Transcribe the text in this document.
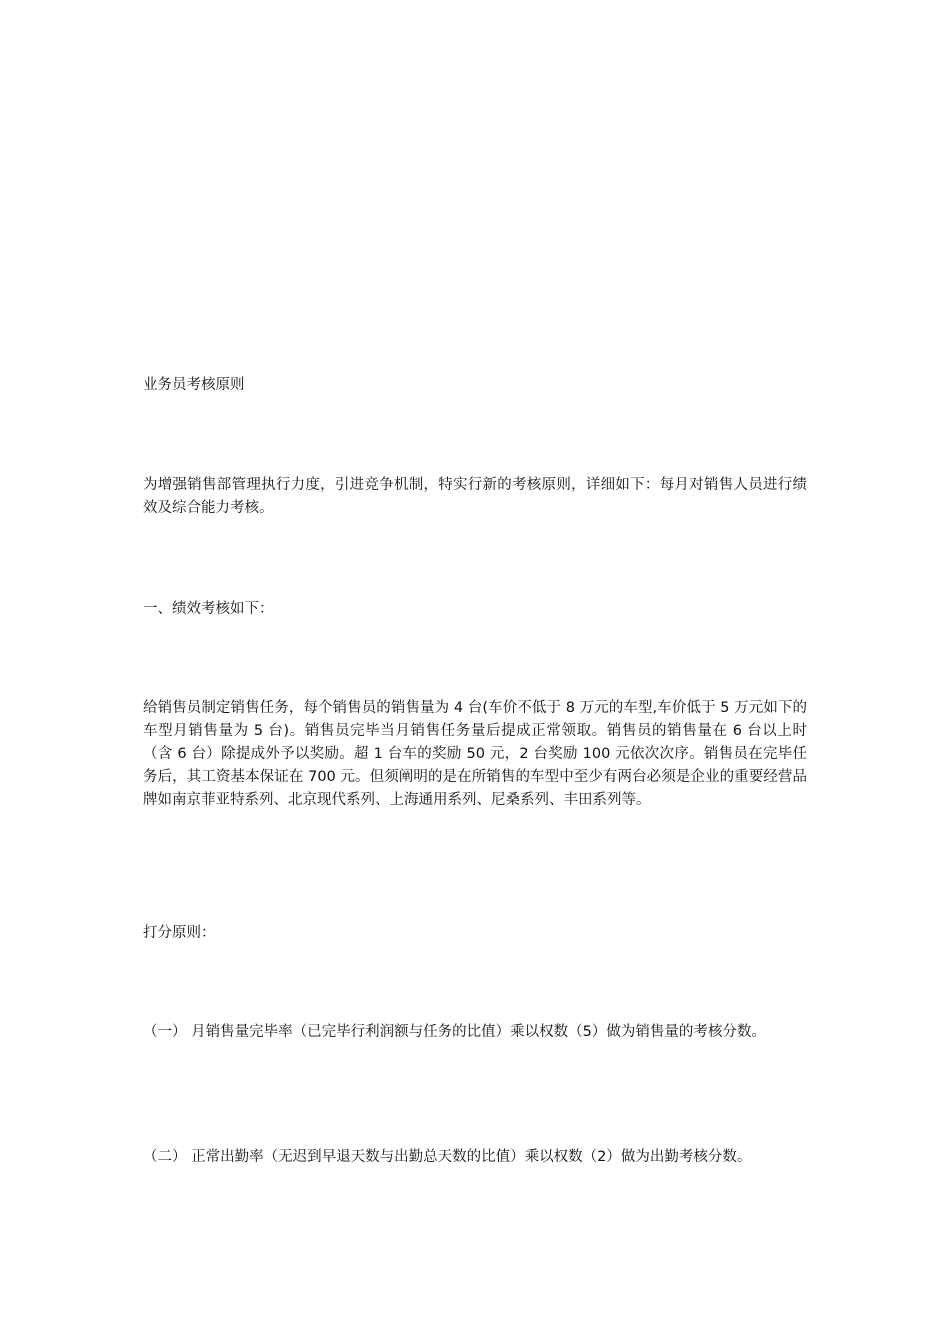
业务员考核原则

为增强销售部管理执行力度，引进竞争机制，特实行新的考核原则，详细如下：每月对销售人员进行绩效及综合能力考核。

一、绩效考核如下：

给销售员制定销售任务，每个销售员的销售量为 4 台(车价不低于 8 万元的车型,车价低于 5 万元如下的车型月销售量为 5 台)。销售员完毕当月销售任务量后提成正常领取。销售员的销售量在 6 台以上时（含 6 台）除提成外予以奖励。超 1 台车的奖励 50 元，2 台奖励 100 元依次次序。销售员在完毕任务后，其工资基本保证在 700 元。但须阐明的是在所销售的车型中至少有两台必须是企业的重要经营品牌如南京菲亚特系列、北京现代系列、上海通用系列、尼桑系列、丰田系列等。

打分原则：

（一） 月销售量完毕率（已完毕行利润额与任务的比值）乘以权数（5）做为销售量的考核分数。

（二） 正常出勤率（无迟到早退天数与出勤总天数的比值）乘以权数（2）做为出勤考核分数。
